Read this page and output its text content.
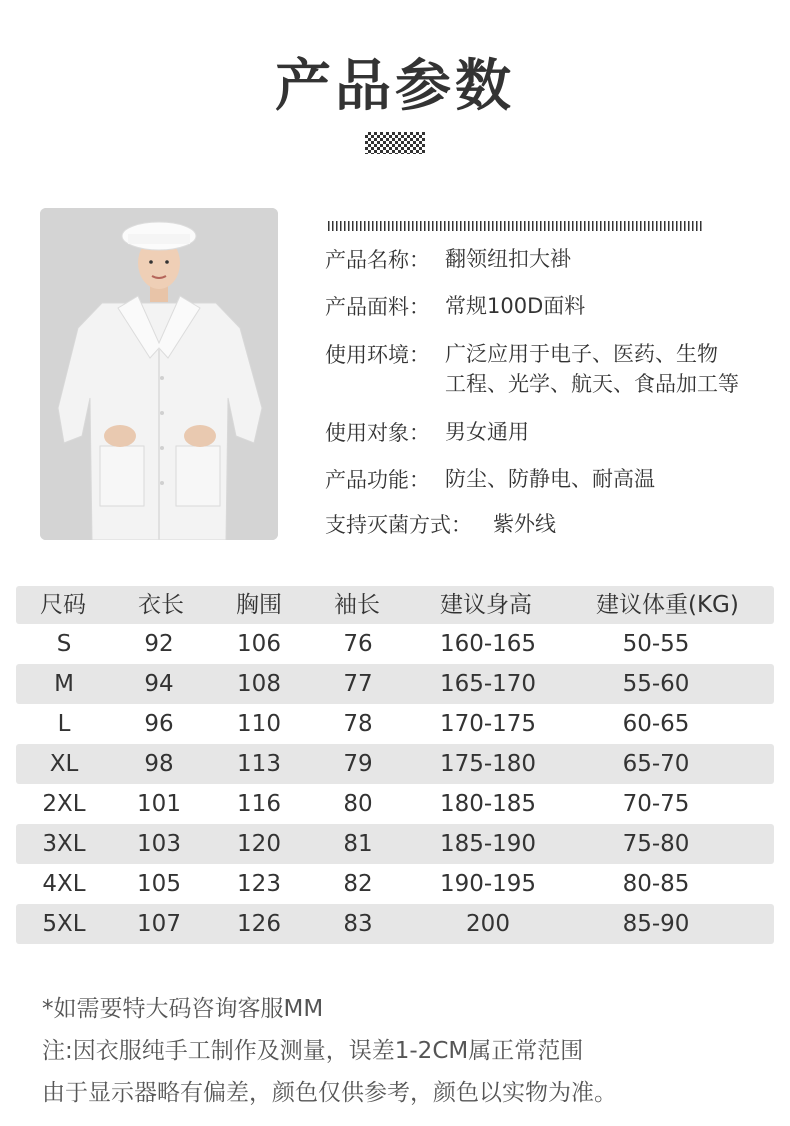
产品参数
产品名称： 翻领纽扣大褂
产品面料： 常规100D面料
使用环境： 广泛应用于电子、医药、生物
工程、光学、航天、食品加工等
使用对象： 男女通用
产品功能： 防尘、防静电、耐高温
支持灭菌方式： 紫外线
尺码 衣长 胸围 袖长	建议身高	建议体重(KG)
S	92	106	76	160-165	50-55
M	94	108	77	165-170	55-60
L	96	110	78	170-175	60-65
XL	98	113	79	175-180	65-70
2XL 101 116	80	180-185	70-75
3XL 103 120	81	185-190	75-80
4XL 105 123	82	190-195	80-85
5XL 107 126	83	200	85-90
*如需要特大码咨询客服MM
注:因衣服纯手工制作及测量，误差1-2CM属正常范围
由于显示器略有偏差，颜色仅供参考，颜色以实物为准。
